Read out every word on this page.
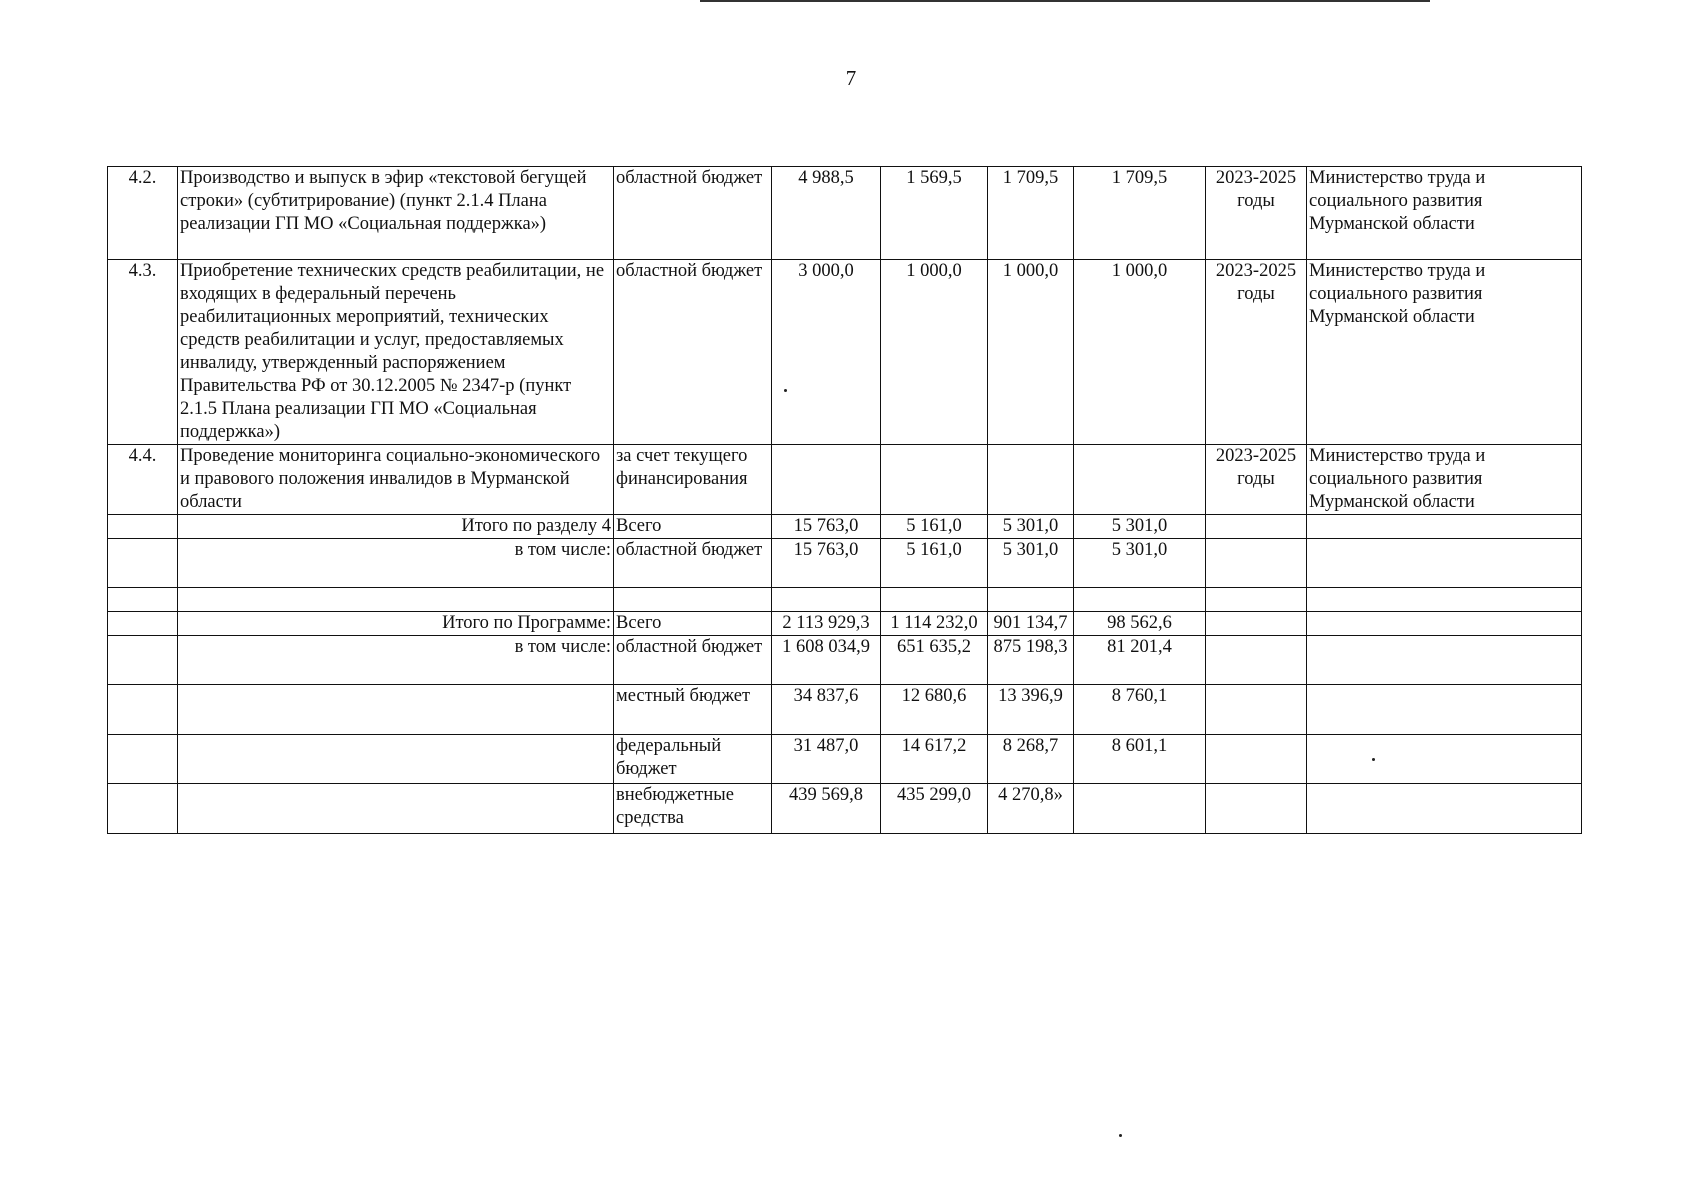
7
4.2.	Производство и выпуск в эфир «текстовой бегущей строки» (субтитрирование) (пункт 2.1.4 Плана реализации ГП МО «Социальная поддержка»)	областной бюджет	4 988,5	1 569,5	1 709,5	1 709,5	2023-2025 годы	Министерство труда и социального развития Мурманской области
4.3.	Приобретение технических средств реабилитации, не входящих в федеральный перечень реабилитационных мероприятий, технических средств реабилитации и услуг, предоставляемых инвалиду, утвержденный распоряжением Правительства РФ от 30.12.2005 № 2347-р (пункт 2.1.5 Плана реализации ГП МО «Социальная поддержка»)	областной бюджет	3 000,0	1 000,0	1 000,0	1 000,0	2023-2025 годы	Министерство труда и социального развития Мурманской области
4.4.	Проведение мониторинга социально-экономического и правового положения инвалидов в Мурманской области	за счет текущего финансирования					2023-2025 годы	Министерство труда и социального развития Мурманской области
	Итого по разделу 4	Всего	15 763,0	5 161,0	5 301,0	5 301,0		
	в том числе:	областной бюджет	15 763,0	5 161,0	5 301,0	5 301,0		

	Итого по Программе:	Всего	2 113 929,3	1 114 232,0	901 134,7	98 562,6		
	в том числе:	областной бюджет	1 608 034,9	651 635,2	875 198,3	81 201,4		
		местный бюджет	34 837,6	12 680,6	13 396,9	8 760,1		
		федеральный бюджет	31 487,0	14 617,2	8 268,7	8 601,1		
		внебюджетные средства	439 569,8	435 299,0	4 270,8»			
